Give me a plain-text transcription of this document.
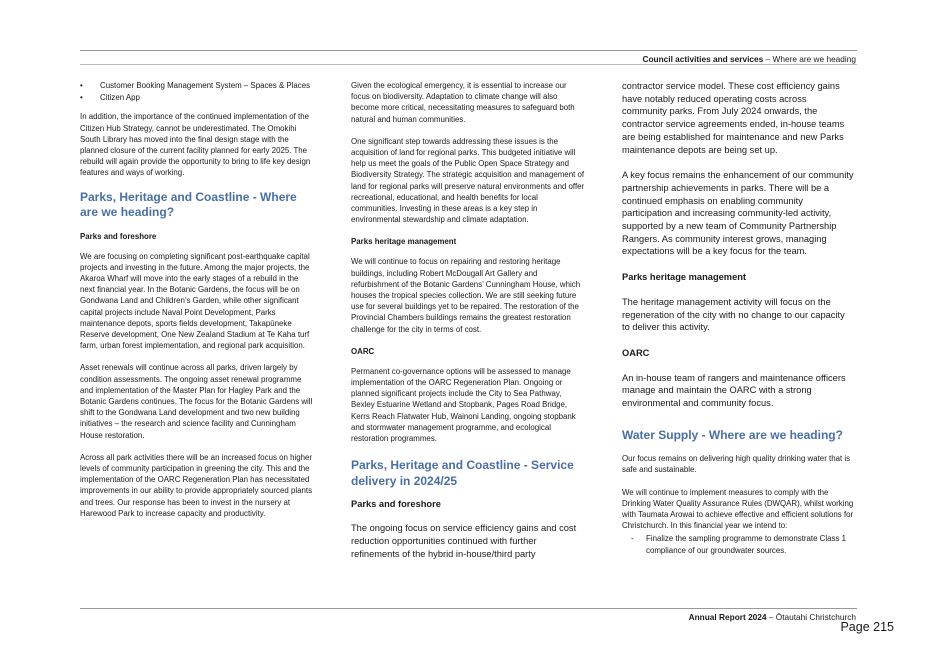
Council activities and services – Where are we heading
• Customer Booking Management System – Spaces & Places
• Citizen App

In addition, the importance of the continued implementation of the Citizen Hub Strategy, cannot be underestimated. The Omokihi South Library has moved into the final design stage with the planned closure of the current facility planned for early 2025. The rebuild will again provide the opportunity to bring to life key design features and ways of working.

Parks, Heritage and Coastline - Where are we heading?
Parks and foreshore

We are focusing on completing significant post-earthquake capital projects and investing in the future. Among the major projects, the Akaroa Wharf will move into the early stages of a rebuild in the next financial year. In the Botanic Gardens, the focus will be on Gondwana Land and Children’s Garden, while other significant capital projects include Naval Point Development, Parks maintenance depots, sports fields development, Takapūneke Reserve development, One New Zealand Stadium at Te Kaha turf farm, urban forest implementation, and regional park acquisition.

Asset renewals will continue across all parks, driven largely by condition assessments. The ongoing asset renewal programme and implementation of the Master Plan for Hagley Park and the Botanic Gardens continues. The focus for the Botanic Gardens will shift to the Gondwana Land development and two new building initiatives – the research and science facility and Cunningham House restoration.

Across all park activities there will be an increased focus on higher levels of community participation in greening the city. This and the implementation of the OARC Regeneration Plan has necessitated improvements in our ability to provide appropriately sourced plants and trees. Our response has been to invest in the nursery at Harewood Park to increase capacity and productivity.

Given the ecological emergency, it is essential to increase our focus on biodiversity. Adaptation to climate change will also become more critical, necessitating measures to safeguard both natural and human communities.

One significant step towards addressing these issues is the acquisition of land for regional parks. This budgeted initiative will help us meet the goals of the Public Open Space Strategy and Biodiversity Strategy. The strategic acquisition and management of land for regional parks will preserve natural environments and offer recreational, educational, and health benefits for local communities. Investing in these areas is a key step in environmental stewardship and climate adaptation.

Parks heritage management

We will continue to focus on repairing and restoring heritage buildings, including Robert McDougall Art Gallery and refurbishment of the Botanic Gardens’ Cunningham House, which houses the tropical species collection. We are still seeking future use for several buildings yet to be repaired. The restoration of the Provincial Chambers buildings remains the greatest restoration challenge for the city in terms of cost.

OARC

Permanent co-governance options will be assessed to manage implementation of the OARC Regeneration Plan. Ongoing or planned significant projects include the City to Sea Pathway, Bexley Estuarine Wetland and Stopbank, Pages Road Bridge, Kerrs Reach Flatwater Hub, Wainoni Landing, ongoing stopbank and stormwater management programme, and ecological restoration programmes.

Parks, Heritage and Coastline - Service delivery in 2024/25
Parks and foreshore

The ongoing focus on service efficiency gains and cost reduction opportunities continued with further refinements of the hybrid in-house/third party

contractor service model. These cost efficiency gains have notably reduced operating costs across community parks. From July 2024 onwards, the contractor service agreements ended, in-house teams are being established for maintenance and new Parks maintenance depots are being set up.

A key focus remains the enhancement of our community partnership achievements in parks. There will be a continued emphasis on enabling community participation and increasing community-led activity, supported by a new team of Community Partnership Rangers. As community interest grows, managing expectations will be a key focus for the team.

Parks heritage management

The heritage management activity will focus on the regeneration of the city with no change to our capacity to deliver this activity.

OARC

An in-house team of rangers and maintenance officers manage and maintain the OARC with a strong environmental and community focus.

Water Supply - Where are we heading?

Our focus remains on delivering high quality drinking water that is safe and sustainable.

We will continue to implement measures to comply with the Drinking Water Quality Assurance Rules (DWQAR), whilst working with Taumata Arowai to achieve effective and efficient solutions for Christchurch. In this financial year we intend to:

- Finalize the sampling programme to demonstrate Class 1 compliance of our groundwater sources.
Annual Report 2024 – Ōtautahi Christchurch
Page 215
